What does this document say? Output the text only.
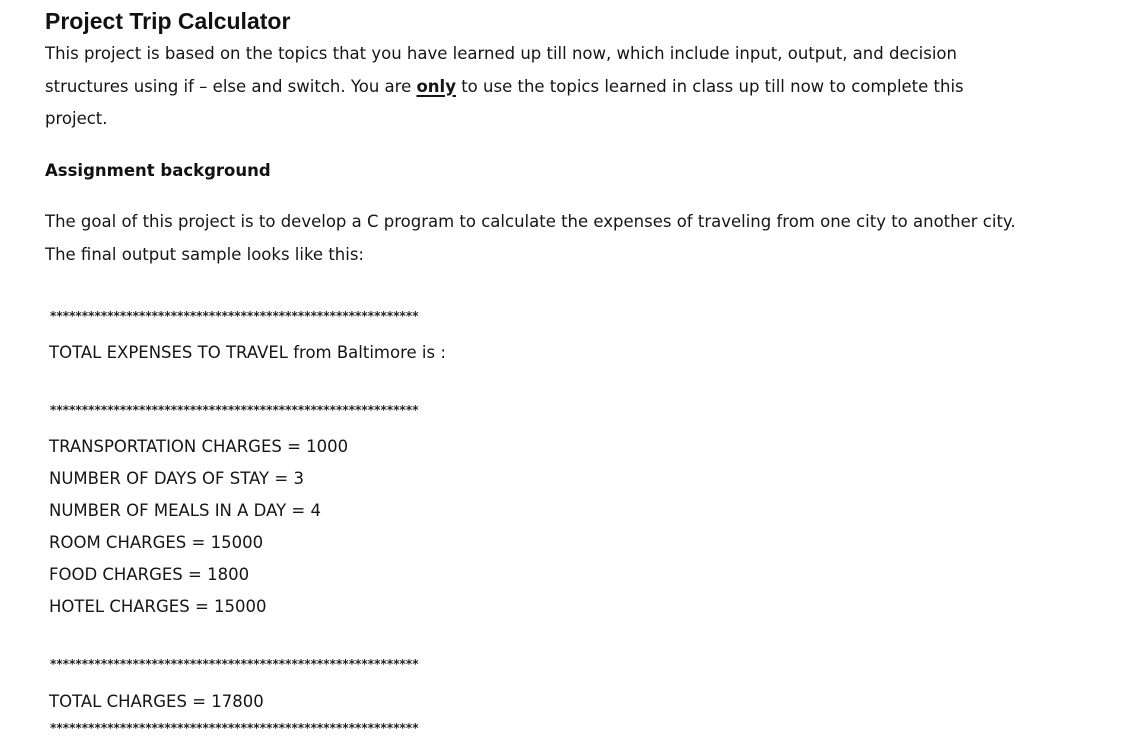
Project Trip Calculator

This project is based on the topics that you have learned up till now, which include input, output, and decision structures using if – else and switch. You are only to use the topics learned in class up till now to complete this project.

Assignment background

The goal of this project is to develop a C program to calculate the expenses of traveling from one city to another city. The final output sample looks like this:

**********************************************************
TOTAL EXPENSES TO TRAVEL from Baltimore is :
**********************************************************
TRANSPORTATION CHARGES = 1000
NUMBER OF DAYS OF STAY = 3
NUMBER OF MEALS IN A DAY = 4
ROOM CHARGES = 15000
FOOD CHARGES = 1800
HOTEL CHARGES = 15000
**********************************************************
TOTAL CHARGES = 17800
**********************************************************
